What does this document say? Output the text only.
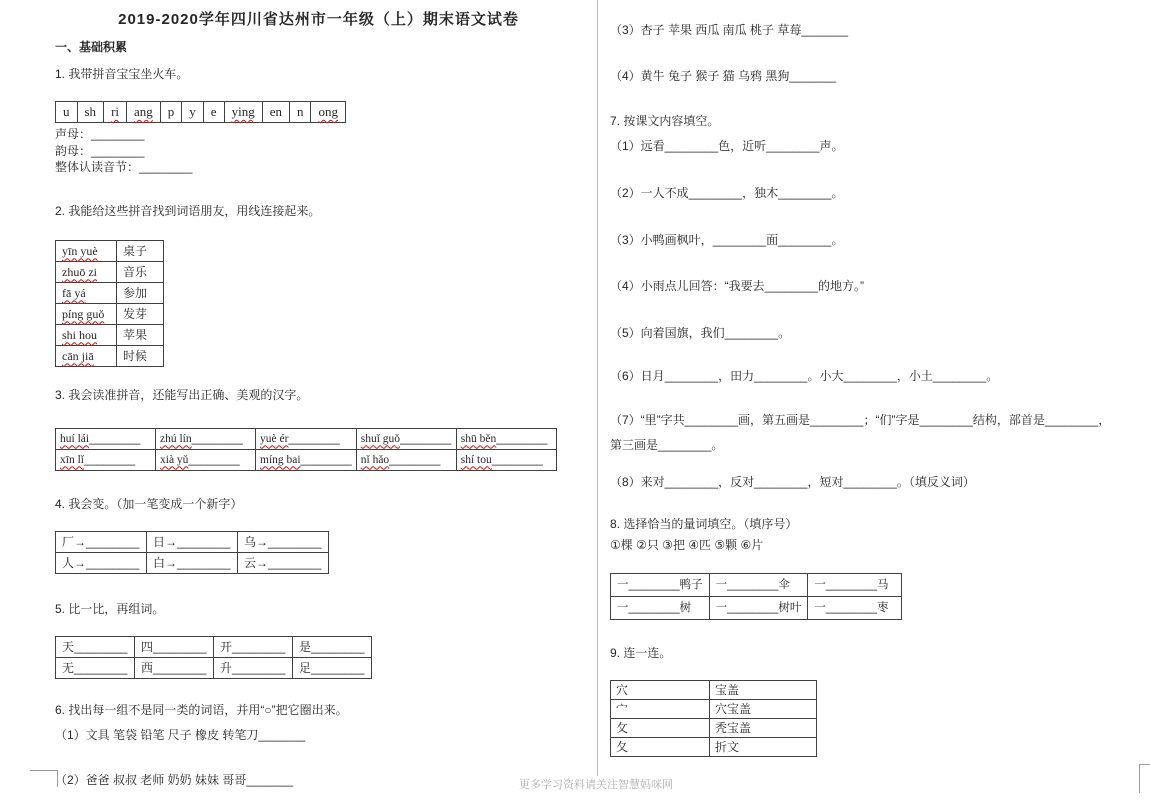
2019-2020学年四川省达州市一年级（上）期末语文试卷
一、基础积累
1. 我带拼音宝宝坐火车。
u	sh	ri	ang	p	y	e	ying	en	n	ong
声母：________
韵母：________
整体认读音节：________
2. 我能给这些拼音找到词语朋友，用线连接起来。
yīn yuè	桌子
zhuō zi	音乐
fā yá	参加
píng guǒ	发芽
shi hou	苹果
cān jiā	时候
3. 我会读准拼音，还能写出正确、美观的汉字。
huí lái________	zhú lín________	yuè ér________	shuǐ guǒ________	shū běn________
xīn lǐ________	xià yǔ________	míng bai________	nǐ hǎo________	shí tou________
4. 我会变。（加一笔变成一个新字）
厂→________	日→________	乌→________
人→________	白→________	云→________
5. 比一比，再组词。
天________	四________	开________	是________
无________	西________	升________	足________
6. 找出每一组不是同一类的词语，并用“○”把它圈出来。
（1）文具 笔袋 铅笔 尺子 橡皮 转笔刀_______
（2）爸爸 叔叔 老师 奶奶 妹妹 哥哥_______
（3）杏子 苹果 西瓜 南瓜 桃子 草莓_______
（4）黄牛 兔子 猴子 猫 乌鸦 黑狗_______
7. 按课文内容填空。
（1）远看________色，近听________声。
（2）一人不成________，独木________。
（3）小鸭画枫叶，________面________。
（4）小雨点儿回答：“我要去________的地方。”
（5）向着国旗，我们________。
（6）日月________，田力________。小大________，小土________。
（7）“里”字共________画，第五画是________；“们”字是________结构，部首是________，第三画是________。
（8）来对________，反对________，短对________。（填反义词）
8. 选择恰当的量词填空。（填序号）
①棵 ②只 ③把 ④匹 ⑤颗 ⑥片
一________鸭子	一________伞	一________马
一________树	一________树叶	一________枣
9. 连一连。
穴	宝盖
宀	穴宝盖
攵	秃宝盖
夂	折文
更多学习资料请关注智慧妈咪网
